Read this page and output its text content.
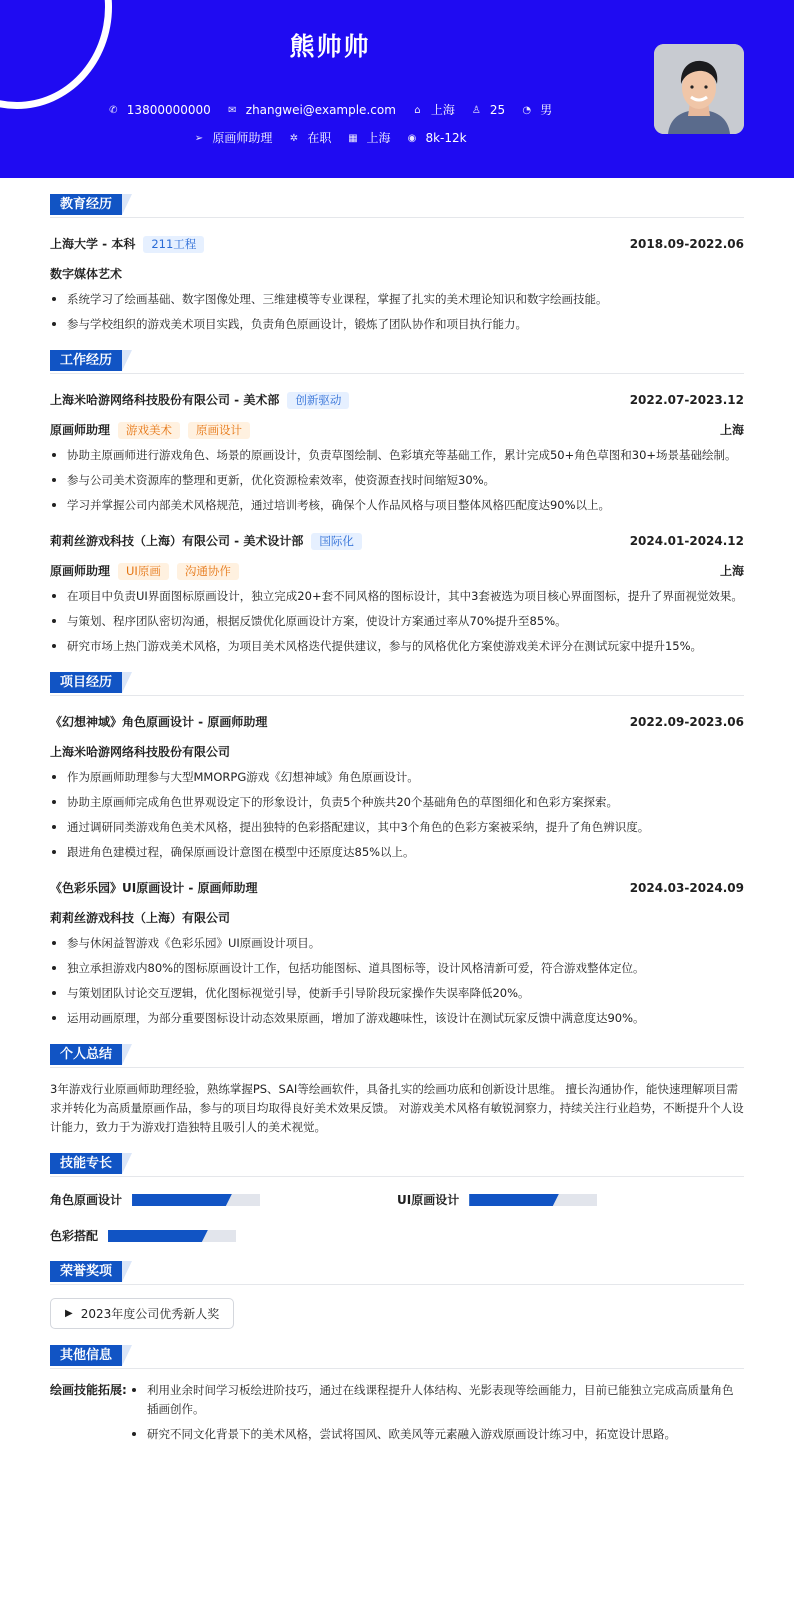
熊帅帅
✆ 13800000000 ✉ zhangwei@example.com ⌂ 上海 ♙ 25 ◔ 男
➢ 原画师助理 ✲ 在职 ▦ 上海 ◉ 8k-12k
教育经历
上海大学 - 本科	211工程	2018.09-2022.06
数字媒体艺术
系统学习了绘画基础、数字图像处理、三维建模等专业课程，掌握了扎实的美术理论知识和数字绘画技能。
参与学校组织的游戏美术项目实践，负责角色原画设计，锻炼了团队协作和项目执行能力。
工作经历
上海米哈游网络科技股份有限公司 - 美术部	创新驱动	2022.07-2023.12
原画师助理	游戏美术	原画设计	上海
协助主原画师进行游戏角色、场景的原画设计，负责草图绘制、色彩填充等基础工作，累计完成50+角色草图和30+场景基础绘制。
参与公司美术资源库的整理和更新，优化资源检索效率，使资源查找时间缩短30%。
学习并掌握公司内部美术风格规范，通过培训考核，确保个人作品风格与项目整体风格匹配度达90%以上。
莉莉丝游戏科技（上海）有限公司 - 美术设计部	国际化	2024.01-2024.12
原画师助理	UI原画	沟通协作	上海
在项目中负责UI界面图标原画设计，独立完成20+套不同风格的图标设计，其中3套被选为项目核心界面图标，提升了界面视觉效果。
与策划、程序团队密切沟通，根据反馈优化原画设计方案，使设计方案通过率从70%提升至85%。
研究市场上热门游戏美术风格，为项目美术风格迭代提供建议，参与的风格优化方案使游戏美术评分在测试玩家中提升15%。
项目经历
《幻想神域》角色原画设计 - 原画师助理	2022.09-2023.06
上海米哈游网络科技股份有限公司
作为原画师助理参与大型MMORPG游戏《幻想神域》角色原画设计。
协助主原画师完成角色世界观设定下的形象设计，负责5个种族共20个基础角色的草图细化和色彩方案探索。
通过调研同类游戏角色美术风格，提出独特的色彩搭配建议，其中3个角色的色彩方案被采纳，提升了角色辨识度。
跟进角色建模过程，确保原画设计意图在模型中还原度达85%以上。
《色彩乐园》UI原画设计 - 原画师助理	2024.03-2024.09
莉莉丝游戏科技（上海）有限公司
参与休闲益智游戏《色彩乐园》UI原画设计项目。
独立承担游戏内80%的图标原画设计工作，包括功能图标、道具图标等，设计风格清新可爱，符合游戏整体定位。
与策划团队讨论交互逻辑，优化图标视觉引导，使新手引导阶段玩家操作失误率降低20%。
运用动画原理，为部分重要图标设计动态效果原画，增加了游戏趣味性，该设计在测试玩家反馈中满意度达90%。
个人总结

3年游戏行业原画师助理经验，熟练掌握PS、SAI等绘画软件，具备扎实的绘画功底和创新设计思维。 擅长沟通协作，能快速理解项目需求并转化为高质量原画作品，参与的项目均取得良好美术效果反馈。 对游戏美术风格有敏锐洞察力，持续关注行业趋势，不断提升个人设计能力，致力于为游戏打造独特且吸引人的美术视觉。

技能专长
角色原画设计	UI原画设计
色彩搭配
荣誉奖项
▶ 2023年度公司优秀新人奖
其他信息
绘画技能拓展:	利用业余时间学习板绘进阶技巧，通过在线课程提升人体结构、光影表现等绘画能力，目前已能独立完成高质量角色插画创作。
研究不同文化背景下的美术风格，尝试将国风、欧美风等元素融入游戏原画设计练习中，拓宽设计思路。
